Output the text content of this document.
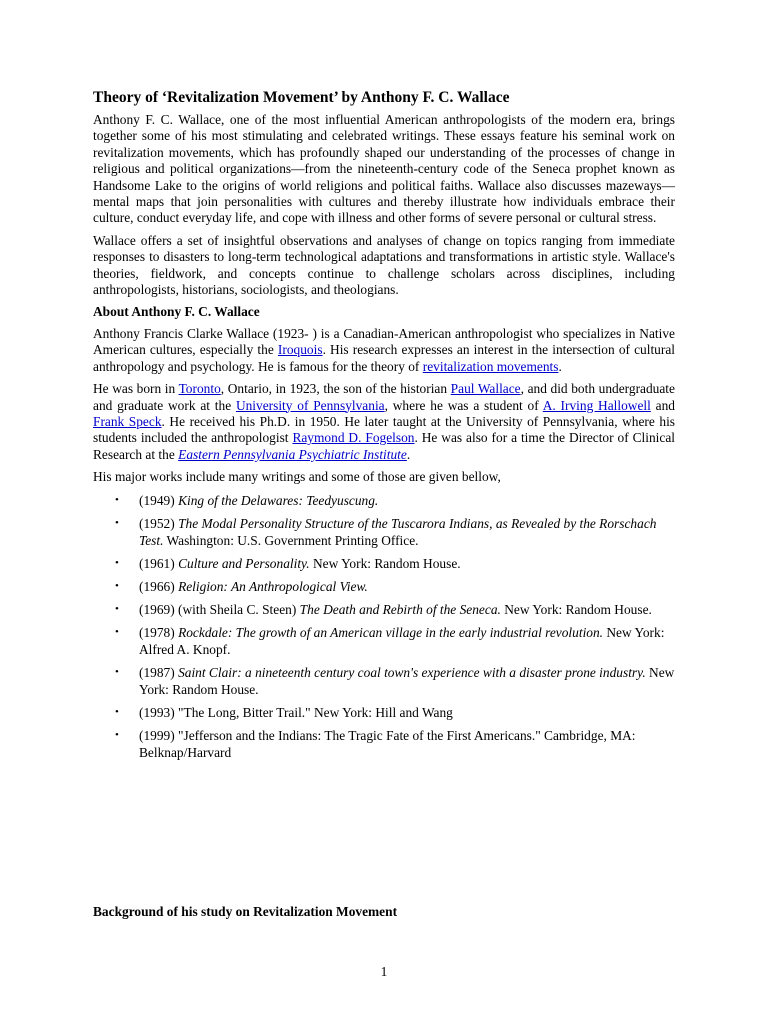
Theory of ‘Revitalization Movement’ by Anthony F. C. Wallace

Anthony F. C. Wallace, one of the most influential American anthropologists of the modern era, brings together some of his most stimulating and celebrated writings. These essays feature his seminal work on revitalization movements, which has profoundly shaped our understanding of the processes of change in religious and political organizations—from the nineteenth-century code of the Seneca prophet known as Handsome Lake to the origins of world religions and political faiths. Wallace also discusses mazeways—mental maps that join personalities with cultures and thereby illustrate how individuals embrace their culture, conduct everyday life, and cope with illness and other forms of severe personal or cultural stress.

Wallace offers a set of insightful observations and analyses of change on topics ranging from immediate responses to disasters to long-term technological adaptations and transformations in artistic style. Wallace's theories, fieldwork, and concepts continue to challenge scholars across disciplines, including anthropologists, historians, sociologists, and theologians.

About Anthony F. C. Wallace

Anthony Francis Clarke Wallace (1923- ) is a Canadian-American anthropologist who specializes in Native American cultures, especially the Iroquois. His research expresses an interest in the intersection of cultural anthropology and psychology. He is famous for the theory of revitalization movements.

He was born in Toronto, Ontario, in 1923, the son of the historian Paul Wallace, and did both undergraduate and graduate work at the University of Pennsylvania, where he was a student of A. Irving Hallowell and Frank Speck. He received his Ph.D. in 1950. He later taught at the University of Pennsylvania, where his students included the anthropologist Raymond D. Fogelson. He was also for a time the Director of Clinical Research at the Eastern Pennsylvania Psychiatric Institute.

His major works include many writings and some of those are given bellow,

• (1949) King of the Delawares: Teedyuscung.
• (1952) The Modal Personality Structure of the Tuscarora Indians, as Revealed by the Rorschach Test. Washington: U.S. Government Printing Office.
• (1961) Culture and Personality. New York: Random House.
• (1966) Religion: An Anthropological View.
• (1969) (with Sheila C. Steen) The Death and Rebirth of the Seneca. New York: Random House.
• (1978) Rockdale: The growth of an American village in the early industrial revolution. New York: Alfred A. Knopf.
• (1987) Saint Clair: a nineteenth century coal town's experience with a disaster prone industry. New York: Random House.
• (1993) "The Long, Bitter Trail." New York: Hill and Wang
• (1999) "Jefferson and the Indians: The Tragic Fate of the First Americans." Cambridge, MA: Belknap/Harvard
Background of his study on Revitalization Movement
1
